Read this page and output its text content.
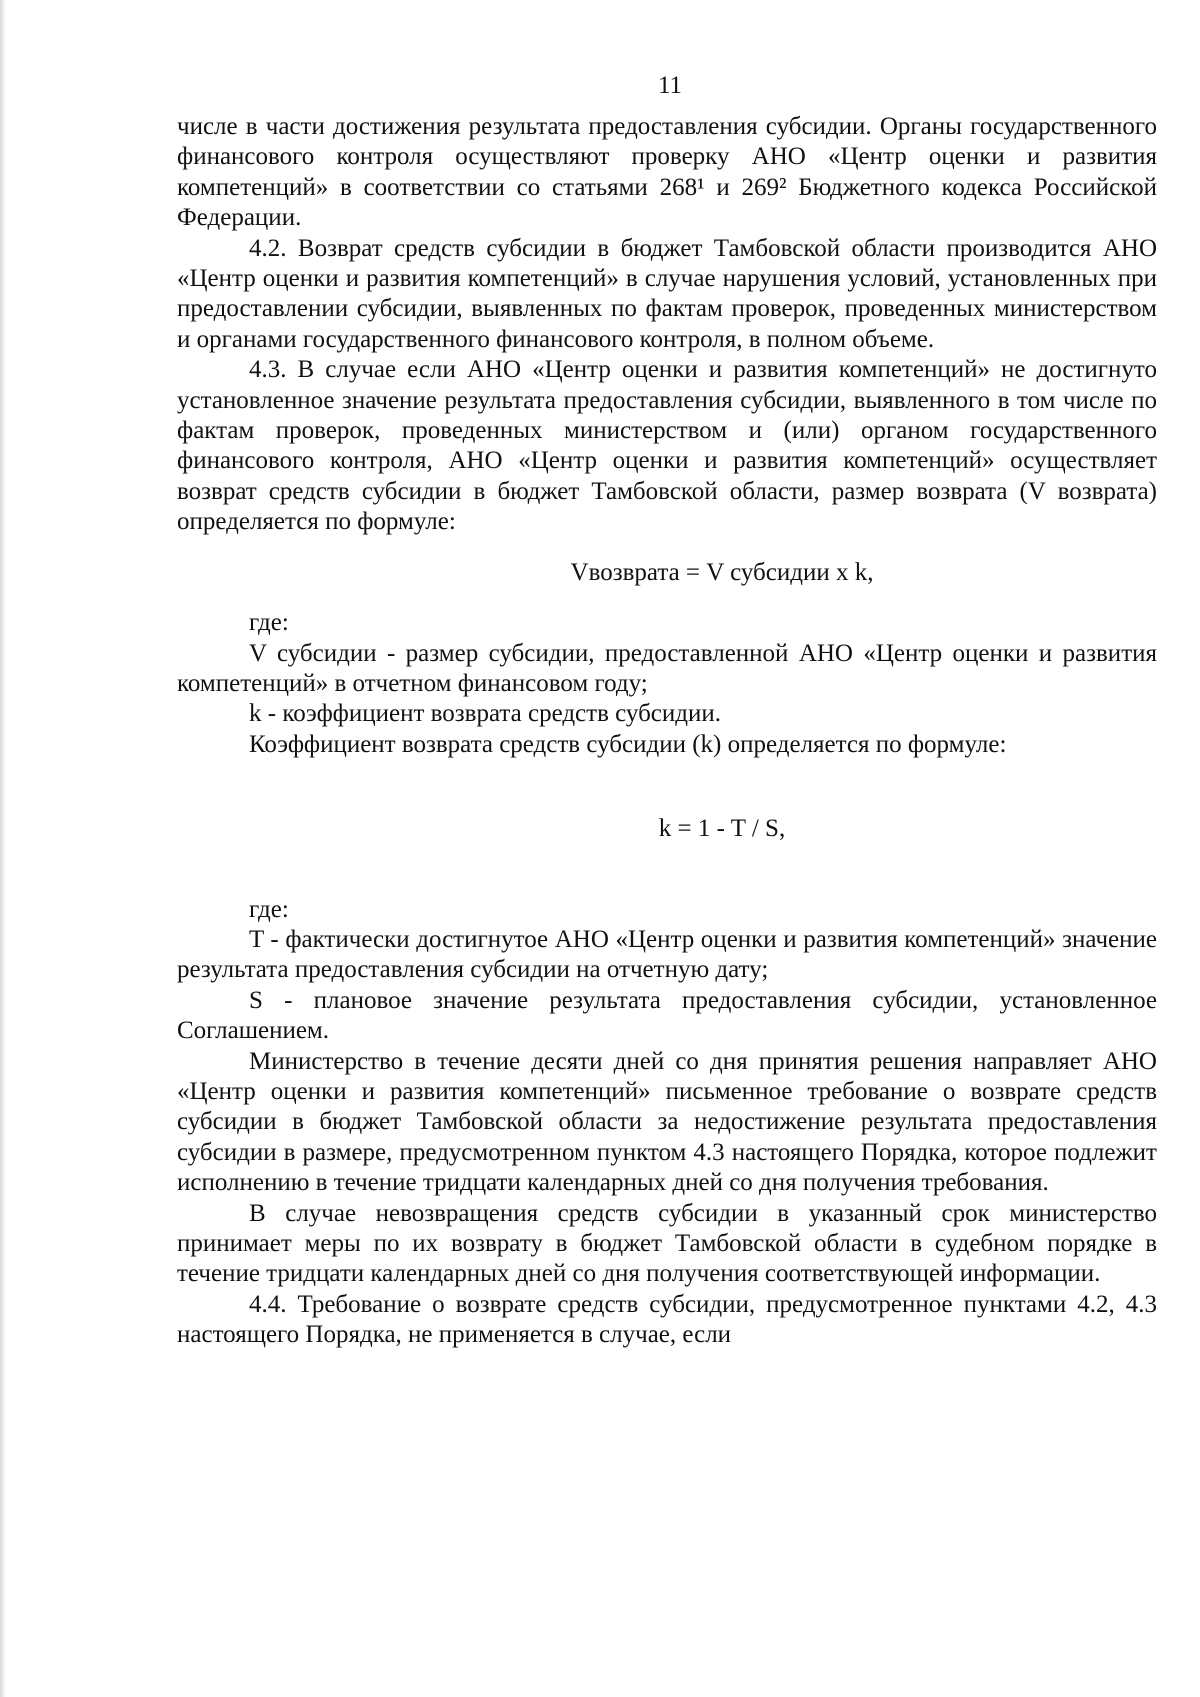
11

числе в части достижения результата предоставления субсидии. Органы государственного финансового контроля осуществляют проверку АНО «Центр оценки и развития компетенций» в соответствии со статьями 268¹ и 269² Бюджетного кодекса Российской Федерации.

4.2. Возврат средств субсидии в бюджет Тамбовской области производится АНО «Центр оценки и развития компетенций» в случае нарушения условий, установленных при предоставлении субсидии, выявленных по фактам проверок, проведенных министерством и органами государственного финансового контроля, в полном объеме.

4.3. В случае если АНО «Центр оценки и развития компетенций» не достигнуто установленное значение результата предоставления субсидии, выявленного в том числе по фактам проверок, проведенных министерством и (или) органом государственного финансового контроля, АНО «Центр оценки и развития компетенций» осуществляет возврат средств субсидии в бюджет Тамбовской области, размер возврата (V возврата) определяется по формуле:

Vвозврата = V субсидии x k,

где:

V субсидии - размер субсидии, предоставленной АНО «Центр оценки и развития компетенций» в отчетном финансовом году;

k - коэффициент возврата средств субсидии.

Коэффициент возврата средств субсидии (k) определяется по формуле:

k = 1 - T / S,

где:

T - фактически достигнутое АНО «Центр оценки и развития компетенций» значение результата предоставления субсидии на отчетную дату;

S - плановое значение результата предоставления субсидии, установленное Соглашением.

Министерство в течение десяти дней со дня принятия решения направляет АНО «Центр оценки и развития компетенций» письменное требование о возврате средств субсидии в бюджет Тамбовской области за недостижение результата предоставления субсидии в размере, предусмотренном пунктом 4.3 настоящего Порядка, которое подлежит исполнению в течение тридцати календарных дней со дня получения требования.

В случае невозвращения средств субсидии в указанный срок министерство принимает меры по их возврату в бюджет Тамбовской области в судебном порядке в течение тридцати календарных дней со дня получения соответствующей информации.

4.4. Требование о возврате средств субсидии, предусмотренное пунктами 4.2, 4.3 настоящего Порядка, не применяется в случае, если
